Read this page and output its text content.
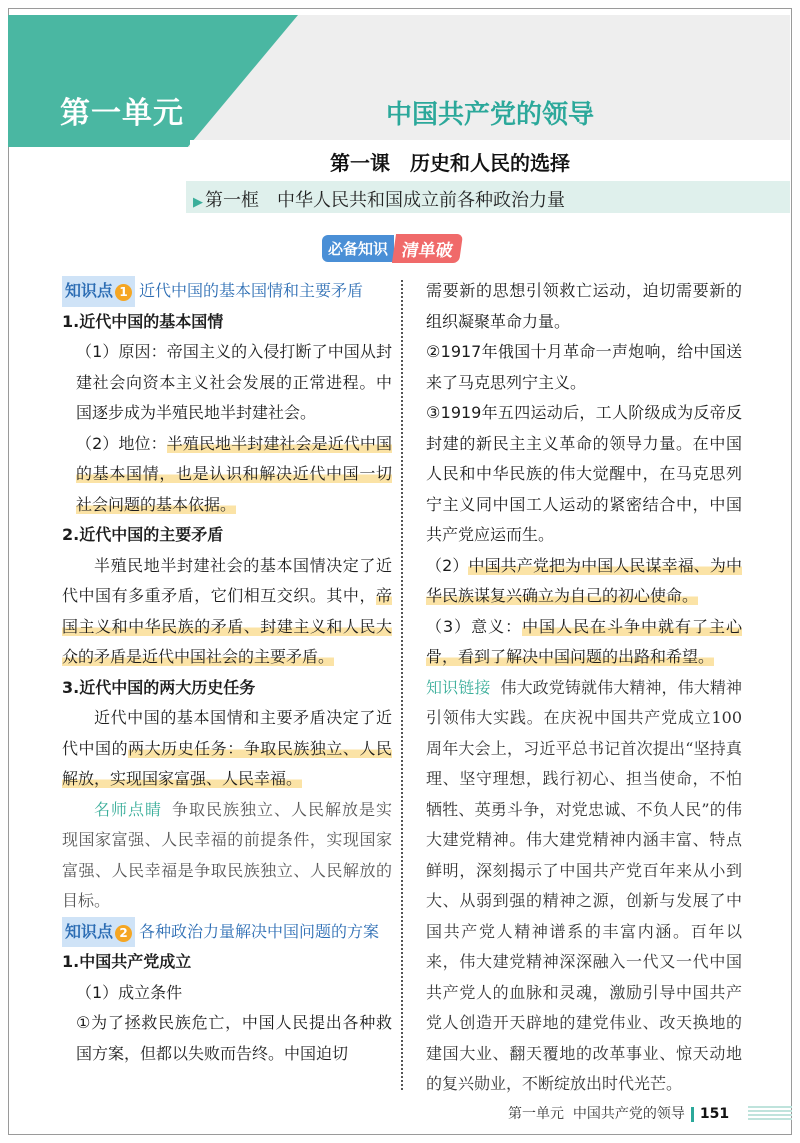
第一单元	中国共产党的领导
第一课　历史和人民的选择
▶ 第一框　中华人民共和国成立前各种政治力量
必备知识 清单破
知识点 1 近代中国的基本国情和主要矛盾

1.近代中国的基本国情

（1）原因：帝国主义的入侵打断了中国从封建社会向资本主义社会发展的正常进程。中国逐步成为半殖民地半封建社会。

（2）地位：半殖民地半封建社会是近代中国的基本国情，也是认识和解决近代中国一切社会问题的基本依据。

2.近代中国的主要矛盾

半殖民地半封建社会的基本国情决定了近代中国有多重矛盾，它们相互交织。其中，帝国主义和中华民族的矛盾、封建主义和人民大众的矛盾是近代中国社会的主要矛盾。

3.近代中国的两大历史任务

近代中国的基本国情和主要矛盾决定了近代中国的两大历史任务：争取民族独立、人民解放，实现国家富强、人民幸福。

名师点睛 争取民族独立、人民解放是实现国家富强、人民幸福的前提条件，实现国家富强、人民幸福是争取民族独立、人民解放的目标。

知识点 2 各种政治力量解决中国问题的方案

1.中国共产党成立

（1）成立条件

①为了拯救民族危亡，中国人民提出各种救国方案，但都以失败而告终。中国迫切

需要新的思想引领救亡运动，迫切需要新的组织凝聚革命力量。

②1917年俄国十月革命一声炮响，给中国送来了马克思列宁主义。

③1919年五四运动后，工人阶级成为反帝反封建的新民主主义革命的领导力量。在中国人民和中华民族的伟大觉醒中，在马克思列宁主义同中国工人运动的紧密结合中，中国共产党应运而生。

（2）中国共产党把为中国人民谋幸福、为中华民族谋复兴确立为自己的初心使命。

（3）意义：中国人民在斗争中就有了主心骨，看到了解决中国问题的出路和希望。

知识链接 伟大政党铸就伟大精神，伟大精神引领伟大实践。在庆祝中国共产党成立100周年大会上，习近平总书记首次提出“坚持真理、坚守理想，践行初心、担当使命，不怕牺牲、英勇斗争，对党忠诚、不负人民”的伟大建党精神。伟大建党精神内涵丰富、特点鲜明，深刻揭示了中国共产党百年来从小到大、从弱到强的精神之源，创新与发展了中国共产党人精神谱系的丰富内涵。百年以来，伟大建党精神深深融入一代又一代中国共产党人的血脉和灵魂，激励引导中国共产党人创造开天辟地的建党伟业、改天换地的建国大业、翻天覆地的改革事业、惊天动地的复兴勋业，不断绽放出时代光芒。

第一单元 中国共产党的领导 151
